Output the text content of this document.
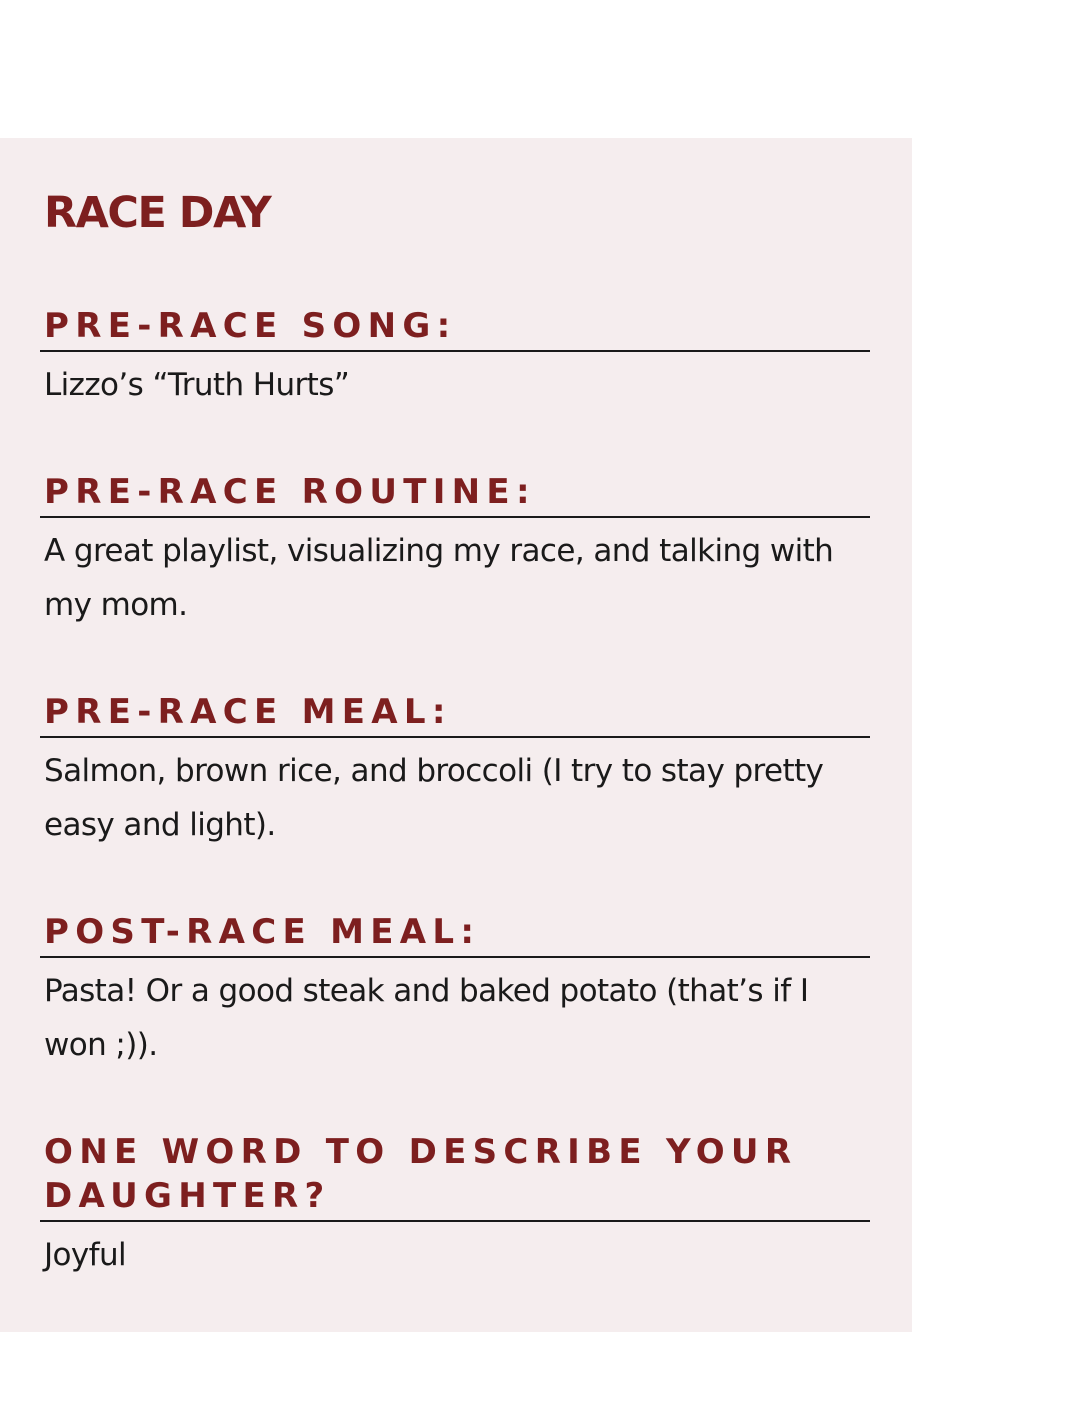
RACE DAY
PRE-RACE SONG:

Lizzo’s “Truth Hurts”

PRE-RACE ROUTINE:

A great playlist, visualizing my race, and talking with my mom.

PRE-RACE MEAL:

Salmon, brown rice, and broccoli (I try to stay pretty easy and light).

POST-RACE MEAL:

Pasta! Or a good steak and baked potato (that’s if I won ;)).

ONE WORD TO DESCRIBE YOUR DAUGHTER?

Joyful
